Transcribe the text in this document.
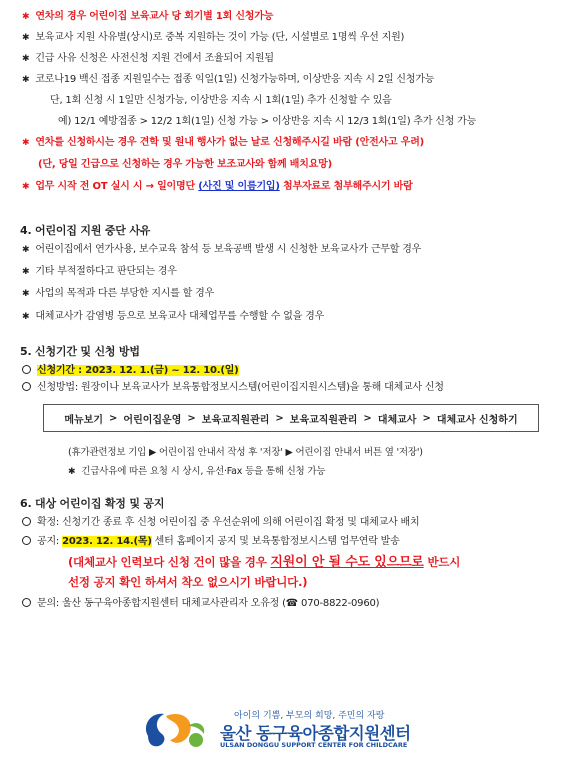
✱ 연차의 경우 어린이집 보육교사 당 회기별 1회 신청가능
✱ 보육교사 지원 사유별(상시)로 중복 지원하는 것이 가능 (단, 시설별로 1명씩 우선 지원)
✱ 긴급 사유 신청은 사전신청 지원 건에서 조율되어 지원됨
✱ 코로나19 백신 접종 지원일수는 접종 익일(1일) 신청가능하며, 이상반응 지속 시 2일 신청가능
단, 1회 신청 시 1일만 신청가능, 이상반응 지속 시 1회(1일) 추가 신청할 수 있음
예) 12/1 예방접종 > 12/2 1회(1일) 신청 가능 > 이상반응 지속 시 12/3 1회(1일) 추가 신청 가능
✱ 연차를 신청하시는 경우 견학 및 원내 행사가 없는 날로 신청해주시길 바람 (안전사고 우려)
(단, 당일 긴급으로 신청하는 경우 가능한 보조교사와 함께 배치요망)
✱ 업무 시작 전 OT 실시 시 → 일이명단 (사진 및 이름기입) 첨부자료로 첨부해주시기 바람
4. 어린이집 지원 중단 사유
✱ 어린이집에서 연가사용, 보수교육 참석 등 보육공백 발생 시 신청한 보육교사가 근무할 경우
✱ 기타 부적절하다고 판단되는 경우
✱ 사업의 목적과 다른 부당한 지시를 할 경우
✱ 대체교사가 감염병 등으로 보육교사 대체업무를 수행할 수 없을 경우
5. 신청기간 및 신청 방법
신청기간 : 2023. 12. 1.(금) ~ 12. 10.(일)
신청방법: 원장이나 보육교사가 보육통합정보시스템(어린이집지원시스템)을 통해 대체교사 신청
메뉴보기 > 어린이집운영 > 보육교직원관리 > 보육교직원관리 > 대체교사 > 대체교사 신청하기
(휴가관련정보 기입 ▶ 어린이집 안내서 작성 후 '저장' ▶ 어린이집 안내서 버튼 옆 '저장')
✱ 긴급사유에 따른 요청 시 상시, 유선·Fax 등을 통해 신청 가능
6. 대상 어린이집 확정 및 공지
확정: 신청기간 종료 후 신청 어린이집 중 우선순위에 의해 어린이집 확정 및 대체교사 배치
공지: 2023. 12. 14.(목) 센터 홈페이지 공지 및 보육통합정보시스템 업무연락 발송
(대체교사 인력보다 신청 건이 많을 경우 지원이 안 될 수도 있으므로 반드시
선정 공지 확인 하셔서 착오 없으시기 바랍니다.)
문의: 울산 동구육아종합지원센터 대체교사관리자 오유정 (☎ 070-8822-0960)
아이의 기쁨, 부모의 희망, 주민의 자랑
울산 동구육아종합지원센터
ULSAN DONGGU SUPPORT CENTER FOR CHILDCARE
